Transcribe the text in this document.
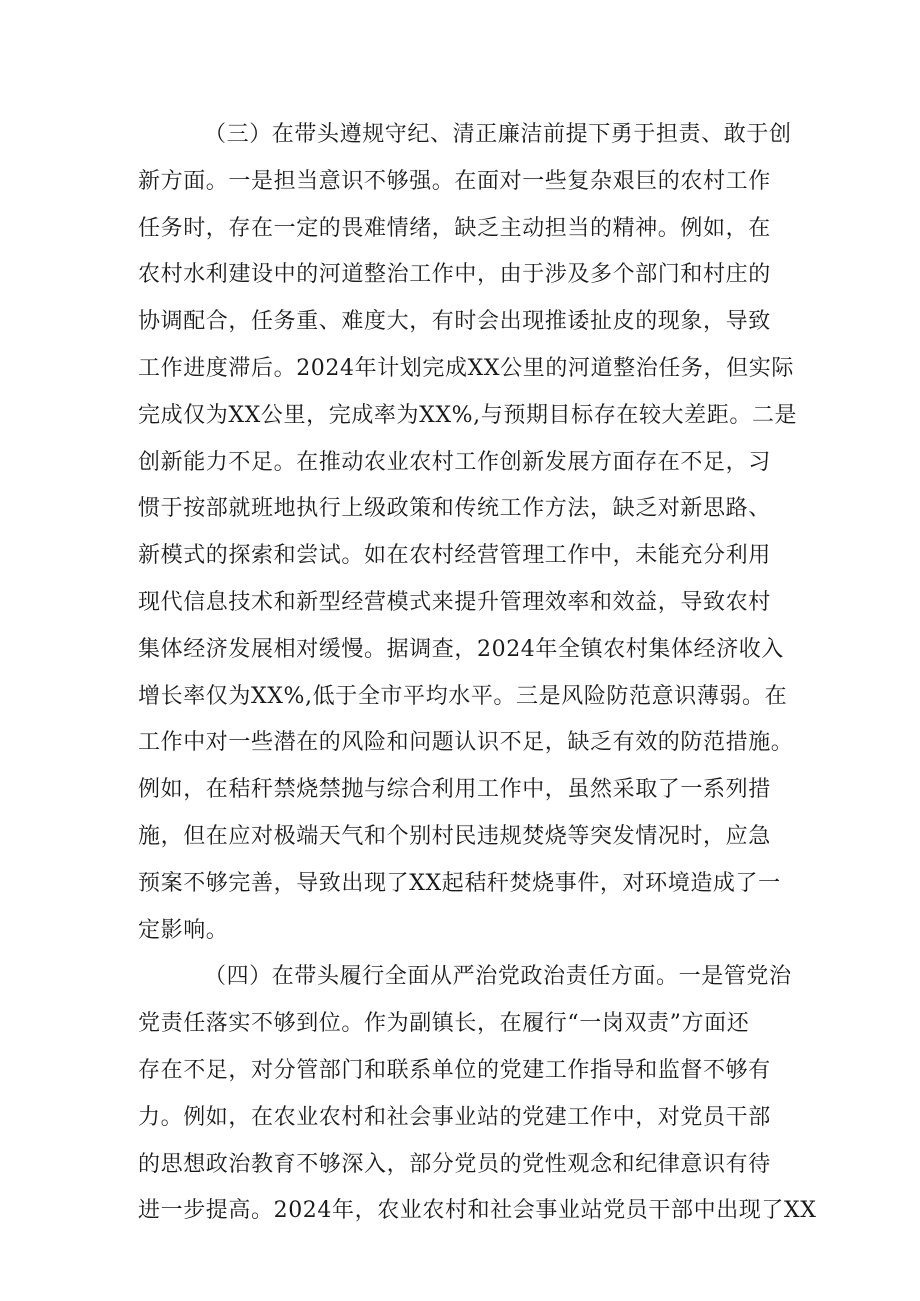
（三）在带头遵规守纪、清正廉洁前提下勇于担责、敢于创
新方面。一是担当意识不够强。在面对一些复杂艰巨的农村工作
任务时，存在一定的畏难情绪，缺乏主动担当的精神。例如，在
农村水利建设中的河道整治工作中，由于涉及多个部门和村庄的
协调配合，任务重、难度大，有时会出现推诿扯皮的现象，导致
工作进度滞后。2024年计划完成XX公里的河道整治任务，但实际
完成仅为XX公里，完成率为XX%,与预期目标存在较大差距。二是
创新能力不足。在推动农业农村工作创新发展方面存在不足，习
惯于按部就班地执行上级政策和传统工作方法，缺乏对新思路、
新模式的探索和尝试。如在农村经营管理工作中，未能充分利用
现代信息技术和新型经营模式来提升管理效率和效益，导致农村
集体经济发展相对缓慢。据调查，2024年全镇农村集体经济收入
增长率仅为XX%,低于全市平均水平。三是风险防范意识薄弱。在
工作中对一些潜在的风险和问题认识不足，缺乏有效的防范措施。
例如，在秸秆禁烧禁抛与综合利用工作中，虽然采取了一系列措
施，但在应对极端天气和个别村民违规焚烧等突发情况时，应急
预案不够完善，导致出现了XX起秸秆焚烧事件，对环境造成了一
定影响。
（四）在带头履行全面从严治党政治责任方面。一是管党治
党责任落实不够到位。作为副镇长，在履行“一岗双责”方面还
存在不足，对分管部门和联系单位的党建工作指导和监督不够有
力。例如，在农业农村和社会事业站的党建工作中，对党员干部
的思想政治教育不够深入，部分党员的党性观念和纪律意识有待
进一步提高。2024年，农业农村和社会事业站党员干部中出现了XX
